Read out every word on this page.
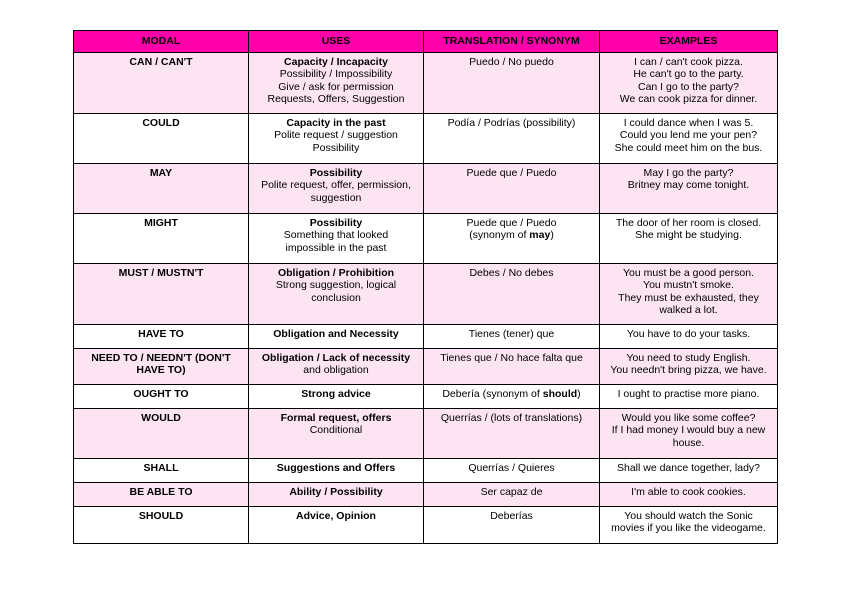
MODAL	USES	TRANSLATION / SYNONYM	EXAMPLES
CAN / CAN'T	Capacity / Incapacity
Possibility / Impossibility
Give / ask for permission
Requests, Offers, Suggestion	Puedo / No puedo	I can / can't cook pizza.
He can't go to the party.
Can I go to the party?
We can cook pizza for dinner.

COULD	Capacity in the past
Polite request / suggestion
Possibility	Podía / Podrías (possibility)	I could dance when I was 5.
Could you lend me your pen?
She could meet him on the bus.

MAY	Possibility
Polite request, offer, permission,
suggestion	Puede que / Puedo	May I go the party?
Britney may come tonight.

MIGHT	Possibility
Something that looked
impossible in the past	Puede que / Puedo
(synonym of may)	The door of her room is closed.
She might be studying.

MUST / MUSTN'T	Obligation / Prohibition
Strong suggestion, logical
conclusion	Debes / No debes	You must be a good person.
You mustn't smoke.
They must be exhausted, they
walked a lot.

HAVE TO	Obligation and Necessity	Tienes (tener) que	You have to do your tasks.

NEED TO / NEEDN'T (DON'T HAVE TO)	Obligation / Lack of necessity
and obligation	Tienes que / No hace falta que	You need to study English.
You needn't bring pizza, we have.

OUGHT TO	Strong advice	Debería (synonym of should)	I ought to practise more piano.

WOULD	Formal request, offers
Conditional	Querrías / (lots of translations)	Would you like some coffee?
If I had money I would buy a new
house.

SHALL	Suggestions and Offers	Querrías / Quieres	Shall we dance together, lady?

BE ABLE TO	Ability / Possibility	Ser capaz de	I'm able to cook cookies.

SHOULD	Advice, Opinion	Deberías	You should watch the Sonic
movies if you like the videogame.
